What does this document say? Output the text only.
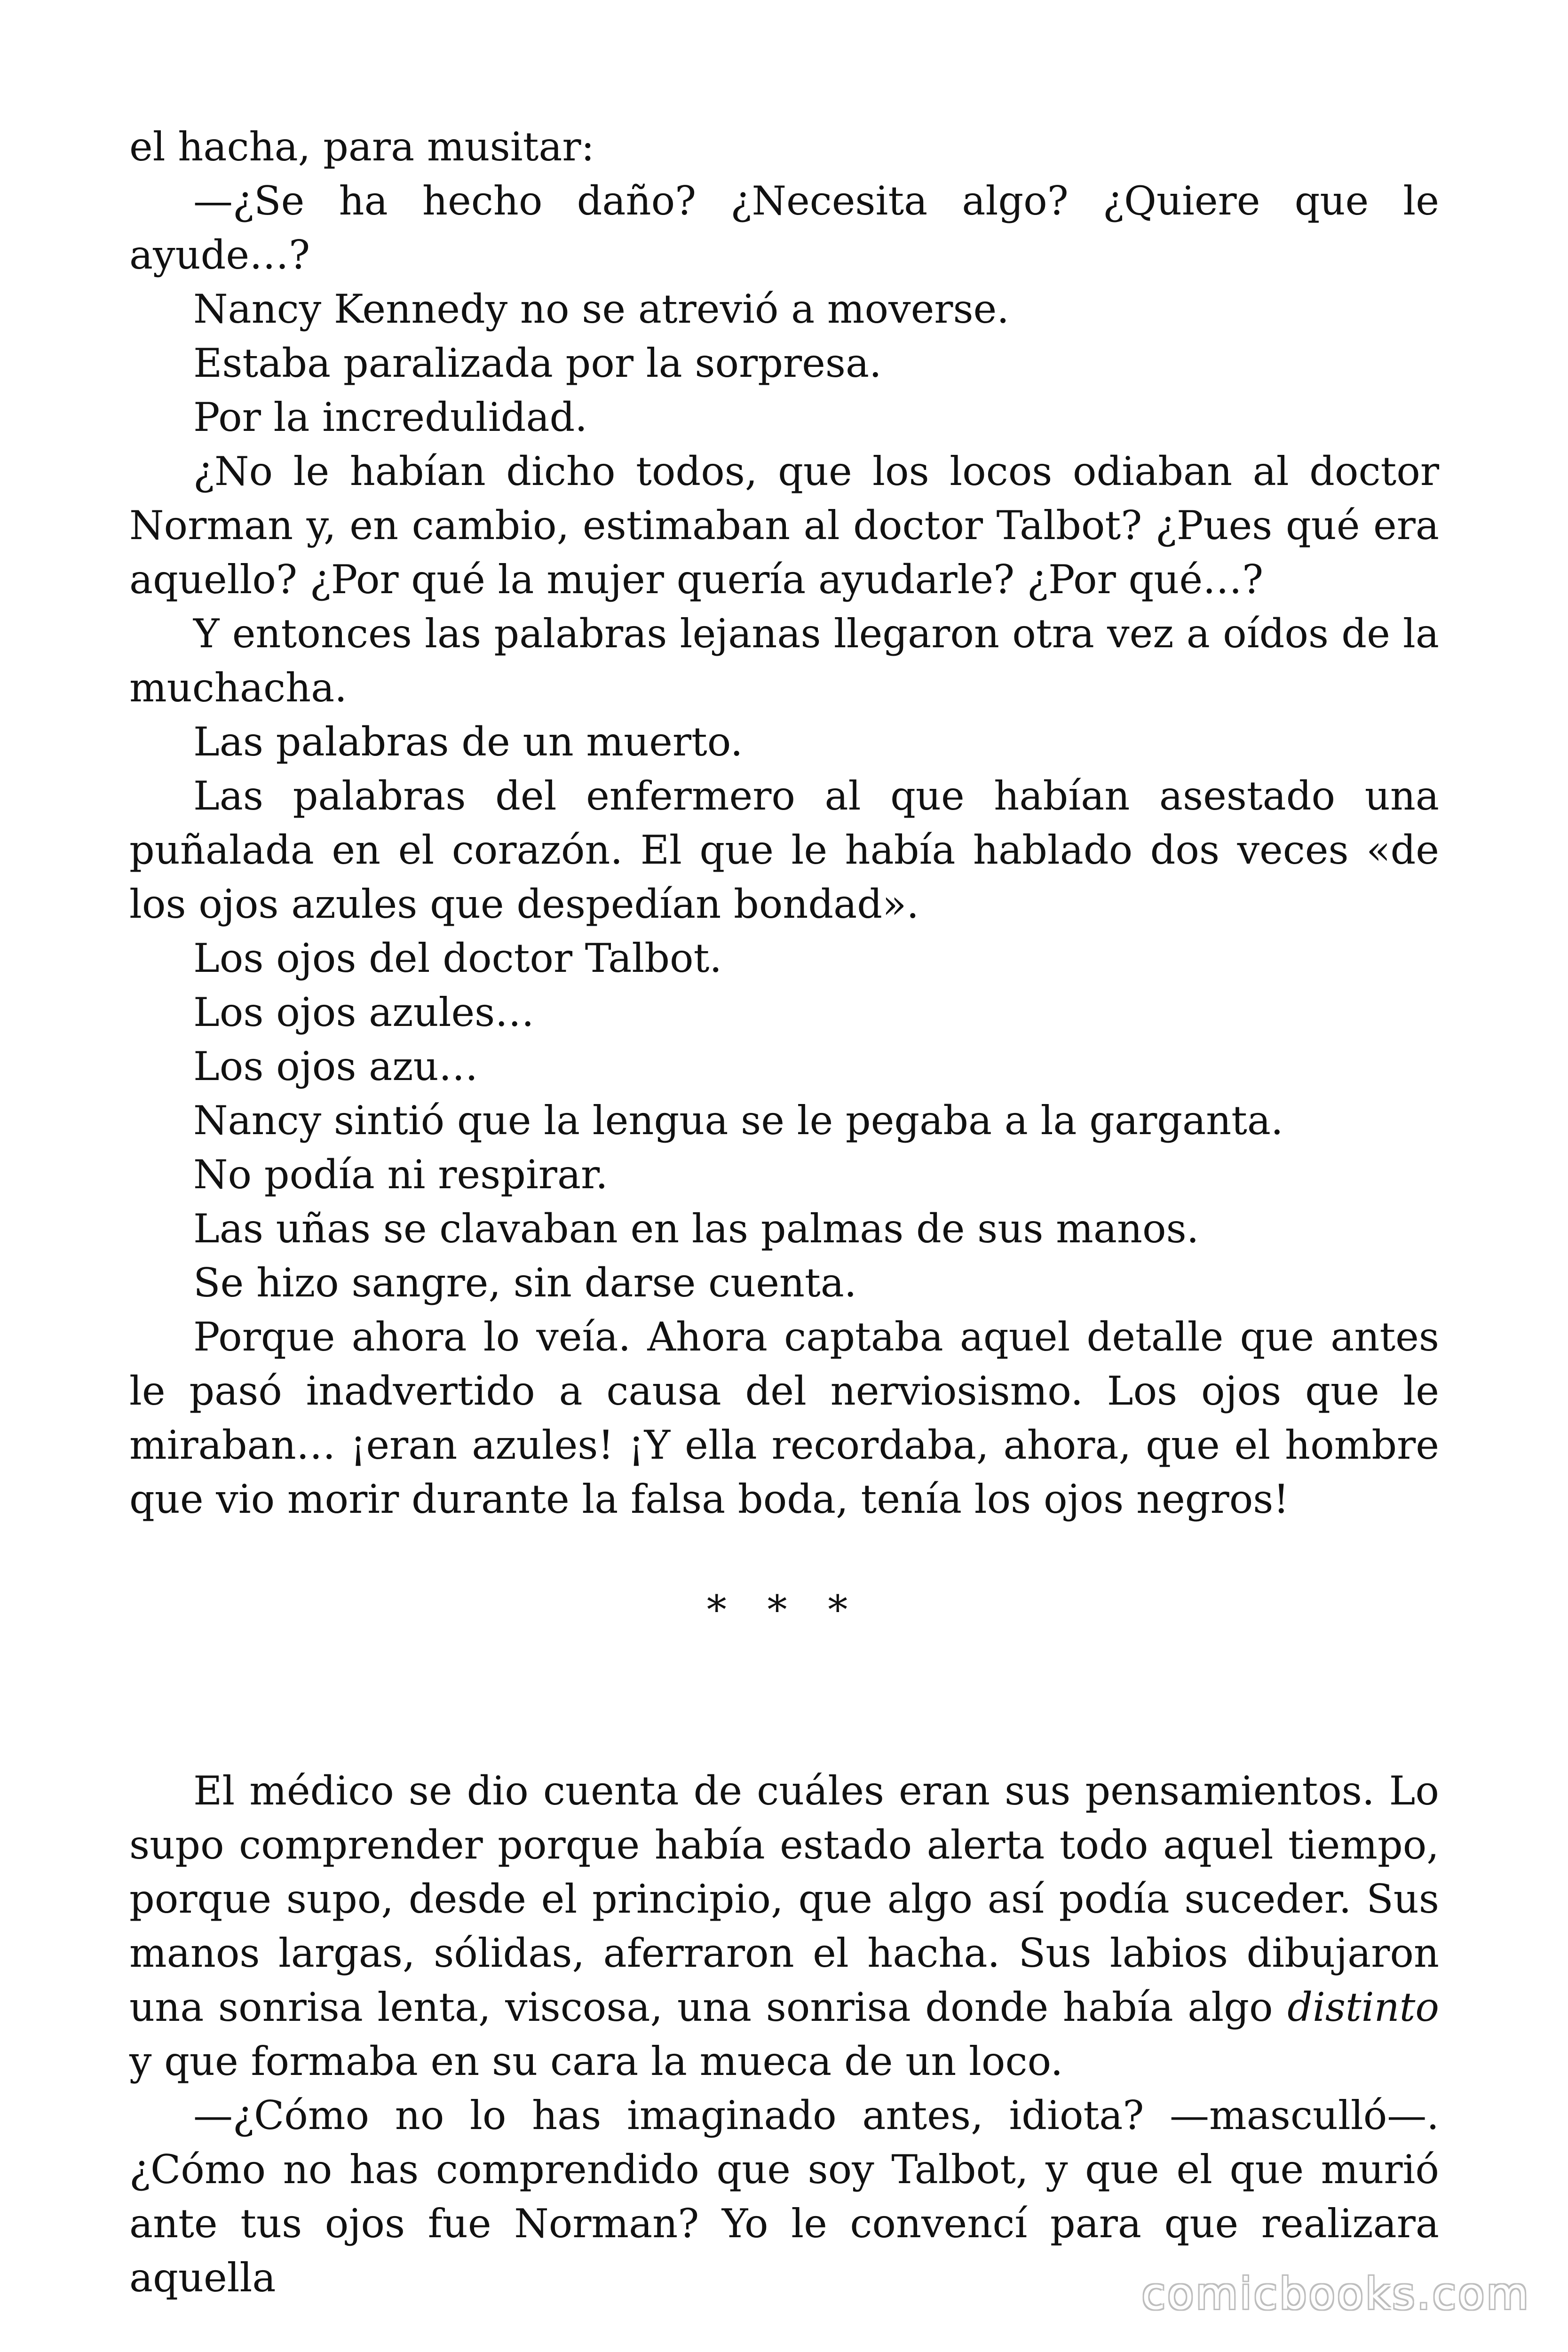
el hacha, para musitar:

—¿Se ha hecho daño? ¿Necesita algo? ¿Quiere que le ayude…?

Nancy Kennedy no se atrevió a moverse.

Estaba paralizada por la sorpresa.

Por la incredulidad.

¿No le habían dicho todos, que los locos odiaban al doctor Norman y, en cambio, estimaban al doctor Talbot? ¿Pues qué era aquello? ¿Por qué la mujer quería ayudarle? ¿Por qué…?

Y entonces las palabras lejanas llegaron otra vez a oídos de la muchacha.

Las palabras de un muerto.

Las palabras del enfermero al que habían asestado una puñalada en el corazón. El que le había hablado dos veces «de los ojos azules que despedían bondad».

Los ojos del doctor Talbot.

Los ojos azules…

Los ojos azu…

Nancy sintió que la lengua se le pegaba a la garganta.

No podía ni respirar.

Las uñas se clavaban en las palmas de sus manos.

Se hizo sangre, sin darse cuenta.

Porque ahora lo veía. Ahora captaba aquel detalle que antes le pasó inadvertido a causa del nerviosismo. Los ojos que le miraban… ¡eran azules! ¡Y ella recordaba, ahora, que el hombre que vio morir durante la falsa boda, tenía los ojos negros!

* * *

El médico se dio cuenta de cuáles eran sus pensamientos. Lo supo comprender porque había estado alerta todo aquel tiempo, porque supo, desde el principio, que algo así podía suceder. Sus manos largas, sólidas, aferraron el hacha. Sus labios dibujaron una sonrisa lenta, viscosa, una sonrisa donde había algo distinto y que formaba en su cara la mueca de un loco.

—¿Cómo no lo has imaginado antes, idiota? —masculló—. ¿Cómo no has comprendido que soy Talbot, y que el que murió ante tus ojos fue Norman? Yo le convencí para que realizara aquella	comicbooks.com
